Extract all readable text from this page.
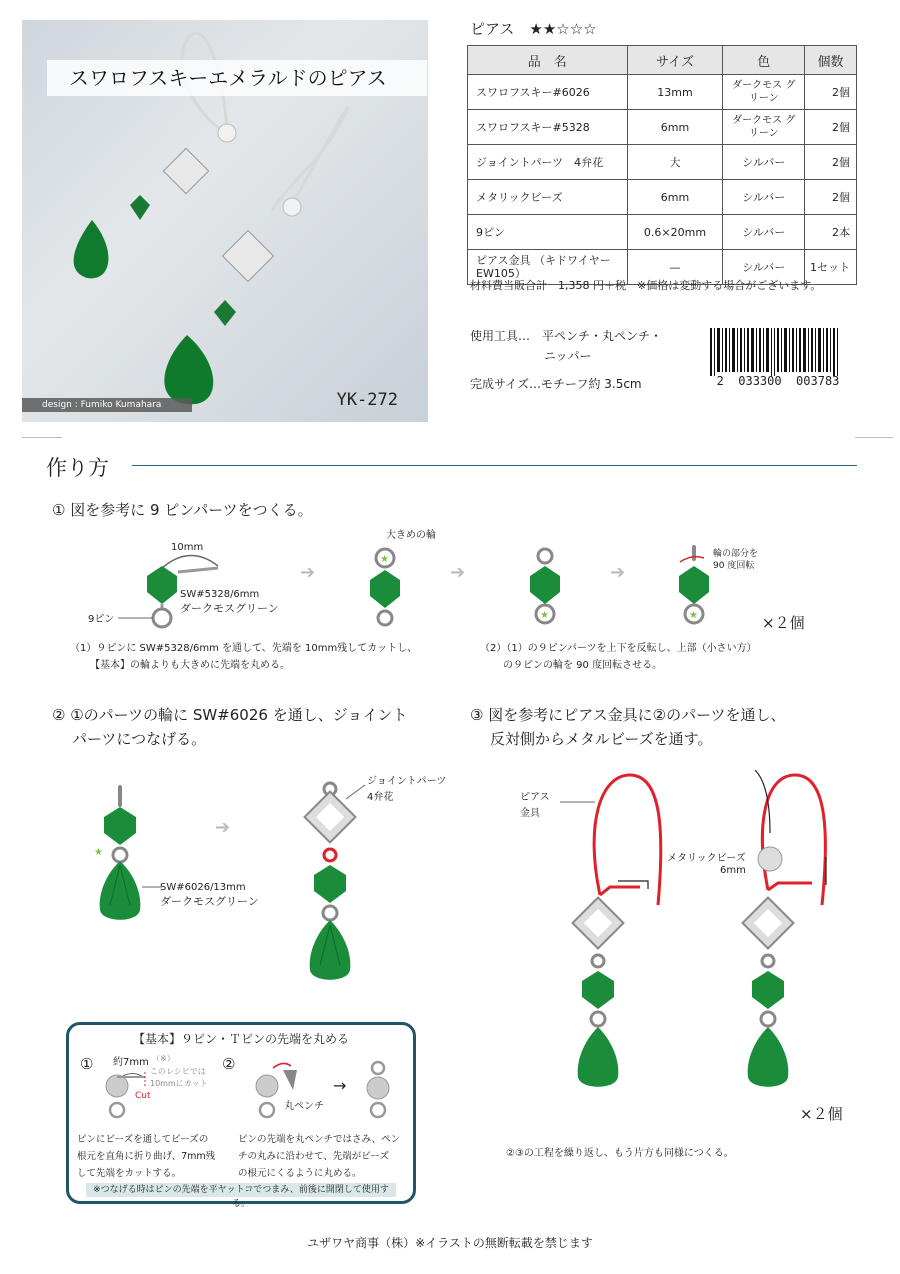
スワロフスキーエメラルドのピアス
design : Fumiko Kumahara	YK-272
ピアス　★★☆☆☆
品　名	サイズ	色	個数
スワロフスキー#6026	13mm	ダークモス グリーン	2個
スワロフスキー#5328	6mm	ダークモス グリーン	2個
ジョイントパーツ　4弁花	大	シルバー	2個
メタリックビーズ	6mm	シルバー	2個
9ピン	0.6×20mm	シルバー	2本
ピアス金具 （キドワイヤー EW105）	—	シルバー	1セット
材料費当販合計　1,358 円＋税　※価格は変動する場合がございます。
使用工具…　平ペンチ・丸ペンチ・
ニッパー
完成サイズ…モチーフ約 3.5cm	2  033300  003783
作り方
① 図を参考に 9 ピンパーツをつくる。
➔
★
➔
★
➔
★
10mm
SW#5328/6mm
ダークモスグリーン
9ピン
大きめの輪
輪の部分を
90 度回転
×２個
（1）９ピンに SW#5328/6mm を通して、先端を 10mm残してカットし、
【基本】の輪よりも大きめに先端を丸める。
（2）（1）の９ピンパーツを上下を反転し、上部（小さい方）
の９ピンの輪を 90 度回転させる。
② ①のパーツの輪に SW#6026 を通し、ジョイント
パーツにつなげる。
★
➔
SW#6026/13mm
ダークモスグリーン
ジョイントパーツ
4弁花
③ 図を参考にピアス金具に②のパーツを通し、
反対側からメタルビーズを通す。
ピアス
金具
メタリックビーズ
6mm
×２個
②③の工程を繰り返し、もう片方も同様につくる。
【基本】９ピン・Ｔピンの先端を丸める
①	②
→
約7mm （※）
このレシピでは
10mmにカット
Cut
丸ペンチ
ピンにビーズを通してビーズの
根元を直角に折り曲げ、7mm残
して先端をカットする。
ピンの先端を丸ペンチではさみ、ペン
チの丸みに沿わせて、先端がビーズ
の根元にくるように丸める。
※つなげる時はピンの先端を平ヤットコでつまみ、前後に開閉して使用する。
ユザワヤ商事（株）※イラストの無断転載を禁じます
